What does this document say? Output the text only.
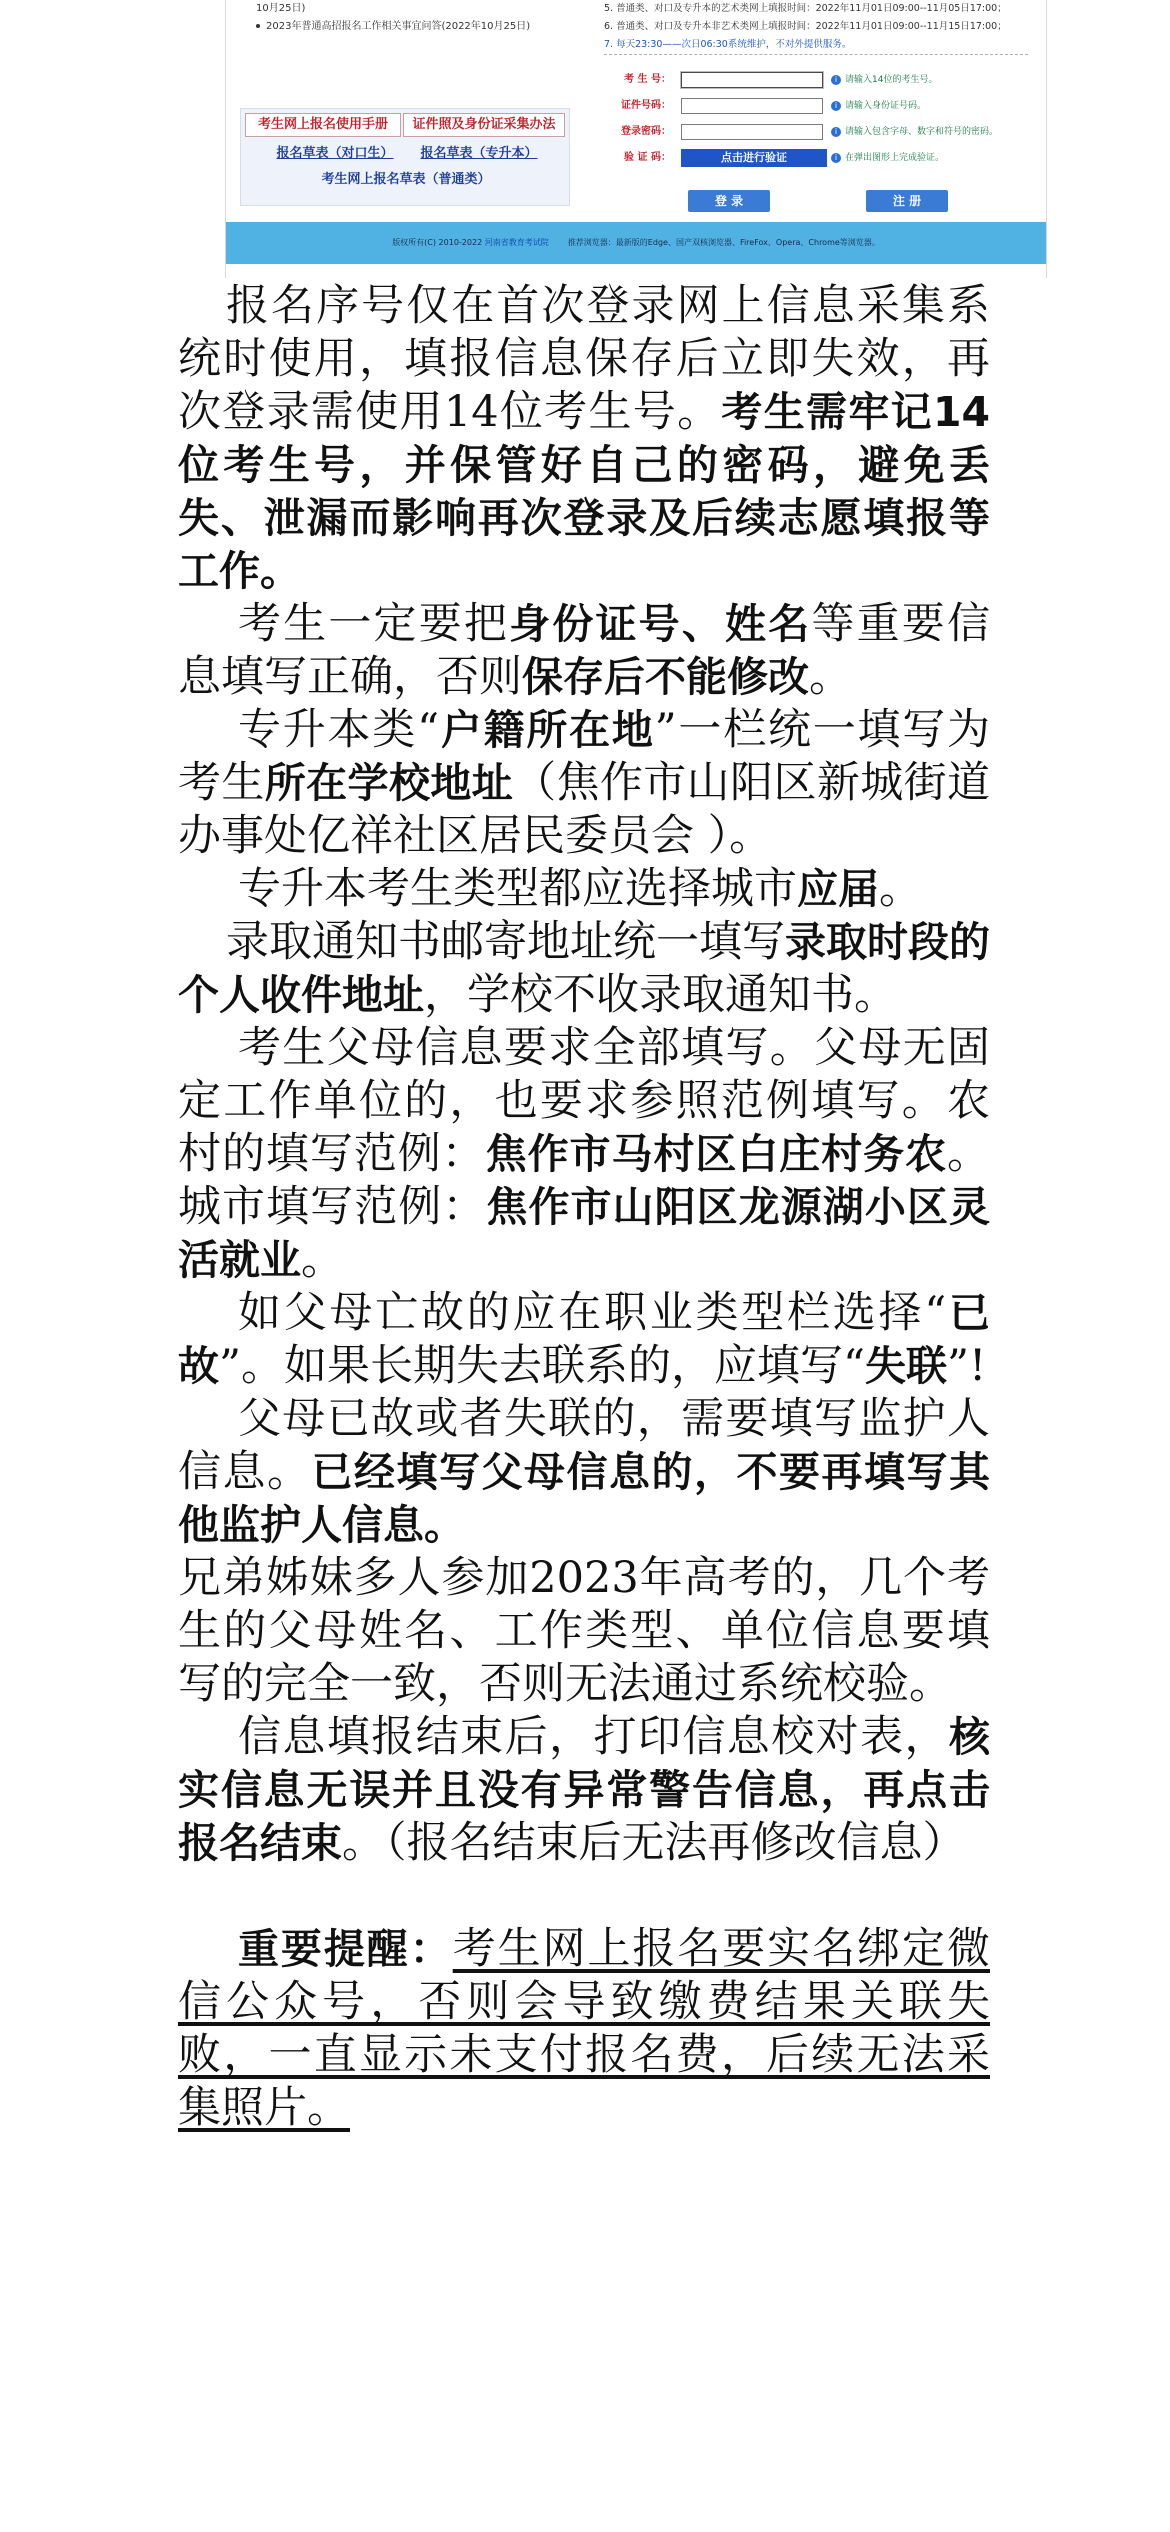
10月25日)
2023年普通高招报名工作相关事宜问答(2022年10月25日)
5. 普通类、对口及专升本的艺术类网上填报时间：2022年11月01日09:00--11月05日17:00；
6. 普通类、对口及专升本非艺术类网上填报时间：2022年11月01日09:00--11月15日17:00；
7. 每天23:30——次日06:30系统维护，不对外提供服务。
考生网上报名使用手册	证件照及身份证采集办法
报名草表（对口生）	报名草表（专升本）
考生网上报名草表（普通类）
考 生 号：	i 请输入14位的考生号。
证件号码：	i 请输入身份证号码。
登录密码：	i 请输入包含字母、数字和符号的密码。
验 证 码：	点击进行验证	i 在弹出图形上完成验证。
登 录	注 册
版权所有(C) 2010-2022 河南省教育考试院 推荐浏览器：最新版的Edge、国产双核浏览器、FireFox、Opera、Chrome等浏览器。

报名序号仅在首次登录网上信息采集系统时使用，填报信息保存后立即失效，再次登录需使用14位考生号。考生需牢记14位考生号，并保管好自己的密码，避免丢失、泄漏而影响再次登录及后续志愿填报等工作。

考生一定要把身份证号、姓名等重要信息填写正确，否则保存后不能修改。

专升本类“户籍所在地”一栏统一填写为考生所在学校地址（焦作市山阳区新城街道办事处亿祥社区居民委员会 ）。

专升本考生类型都应选择城市应届。

录取通知书邮寄地址统一填写录取时段的个人收件地址，学校不收录取通知书。

考生父母信息要求全部填写。父母无固定工作单位的，也要求参照范例填写。农村的填写范例：焦作市马村区白庄村务农。城市填写范例：焦作市山阳区龙源湖小区灵活就业。

如父母亡故的应在职业类型栏选择“已故”。如果长期失去联系的，应填写“失联”!

父母已故或者失联的，需要填写监护人信息。已经填写父母信息的，不要再填写其他监护人信息。

兄弟姊妹多人参加2023年高考的，几个考生的父母姓名、工作类型、单位信息要填写的完全一致，否则无法通过系统校验。

信息填报结束后，打印信息校对表，核实信息无误并且没有异常警告信息，再点击报名结束。（报名结束后无法再修改信息）

重要提醒：考生网上报名要实名绑定微信公众号，否则会导致缴费结果关联失败，一直显示未支付报名费，后续无法采集照片。
